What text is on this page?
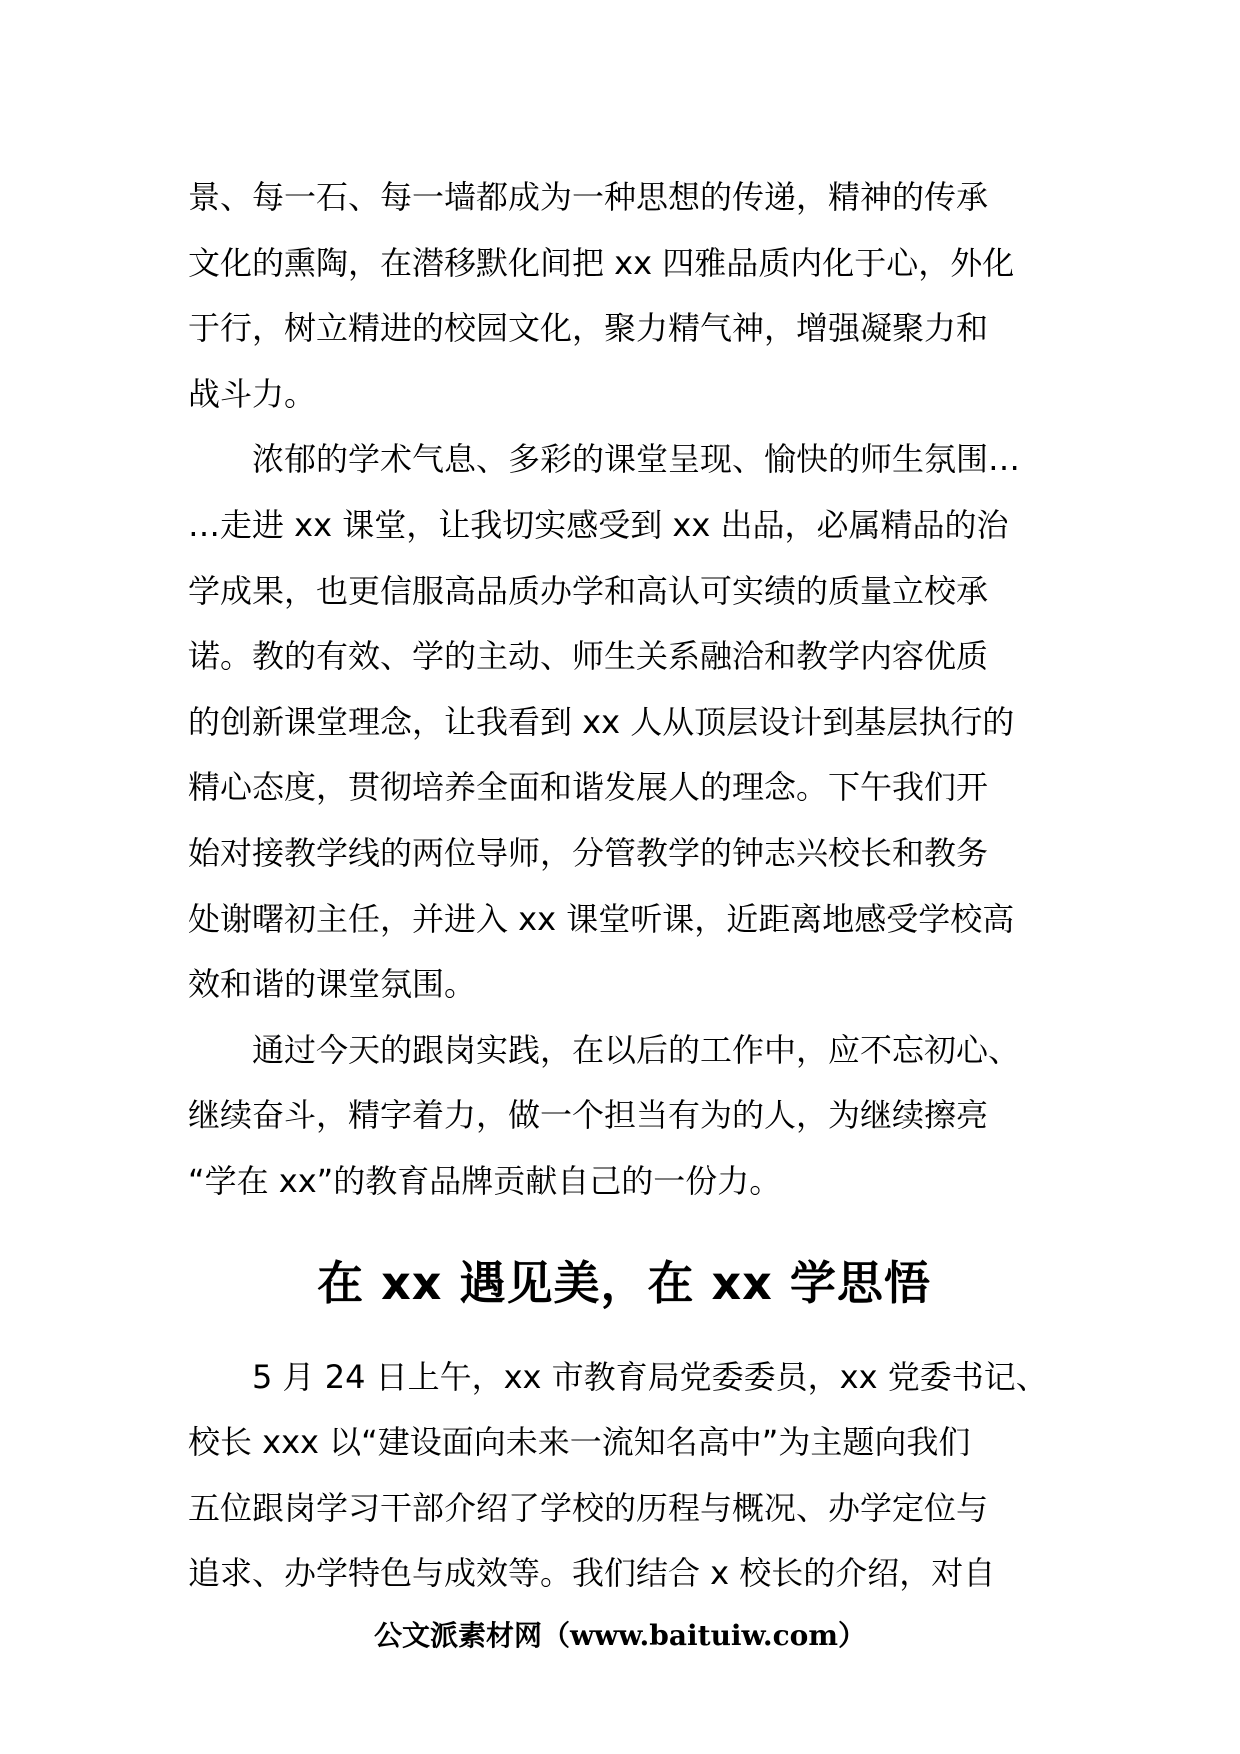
景、每一石、每一墙都成为一种思想的传递，精神的传承
文化的熏陶，在潜移默化间把 xx 四雅品质内化于心，外化
于行，树立精进的校园文化，聚力精气神，增强凝聚力和
战斗力。
浓郁的学术气息、多彩的课堂呈现、愉快的师生氛围…
…走进 xx 课堂，让我切实感受到 xx 出品，必属精品的治
学成果，也更信服高品质办学和高认可实绩的质量立校承
诺。教的有效、学的主动、师生关系融洽和教学内容优质
的创新课堂理念，让我看到 xx 人从顶层设计到基层执行的
精心态度，贯彻培养全面和谐发展人的理念。下午我们开
始对接教学线的两位导师，分管教学的钟志兴校长和教务
处谢曙初主任，并进入 xx 课堂听课，近距离地感受学校高
效和谐的课堂氛围。
通过今天的跟岗实践，在以后的工作中，应不忘初心、
继续奋斗，精字着力，做一个担当有为的人，为继续擦亮
“学在 xx”的教育品牌贡献自己的一份力。
在 xx 遇见美，在 xx 学思悟
5 月 24 日上午，xx 市教育局党委委员，xx 党委书记、
校长 xxx 以“建设面向未来一流知名高中”为主题向我们
五位跟岗学习干部介绍了学校的历程与概况、办学定位与
追求、办学特色与成效等。我们结合 x 校长的介绍，对自
公文派素材网（www.baituiw.com）
